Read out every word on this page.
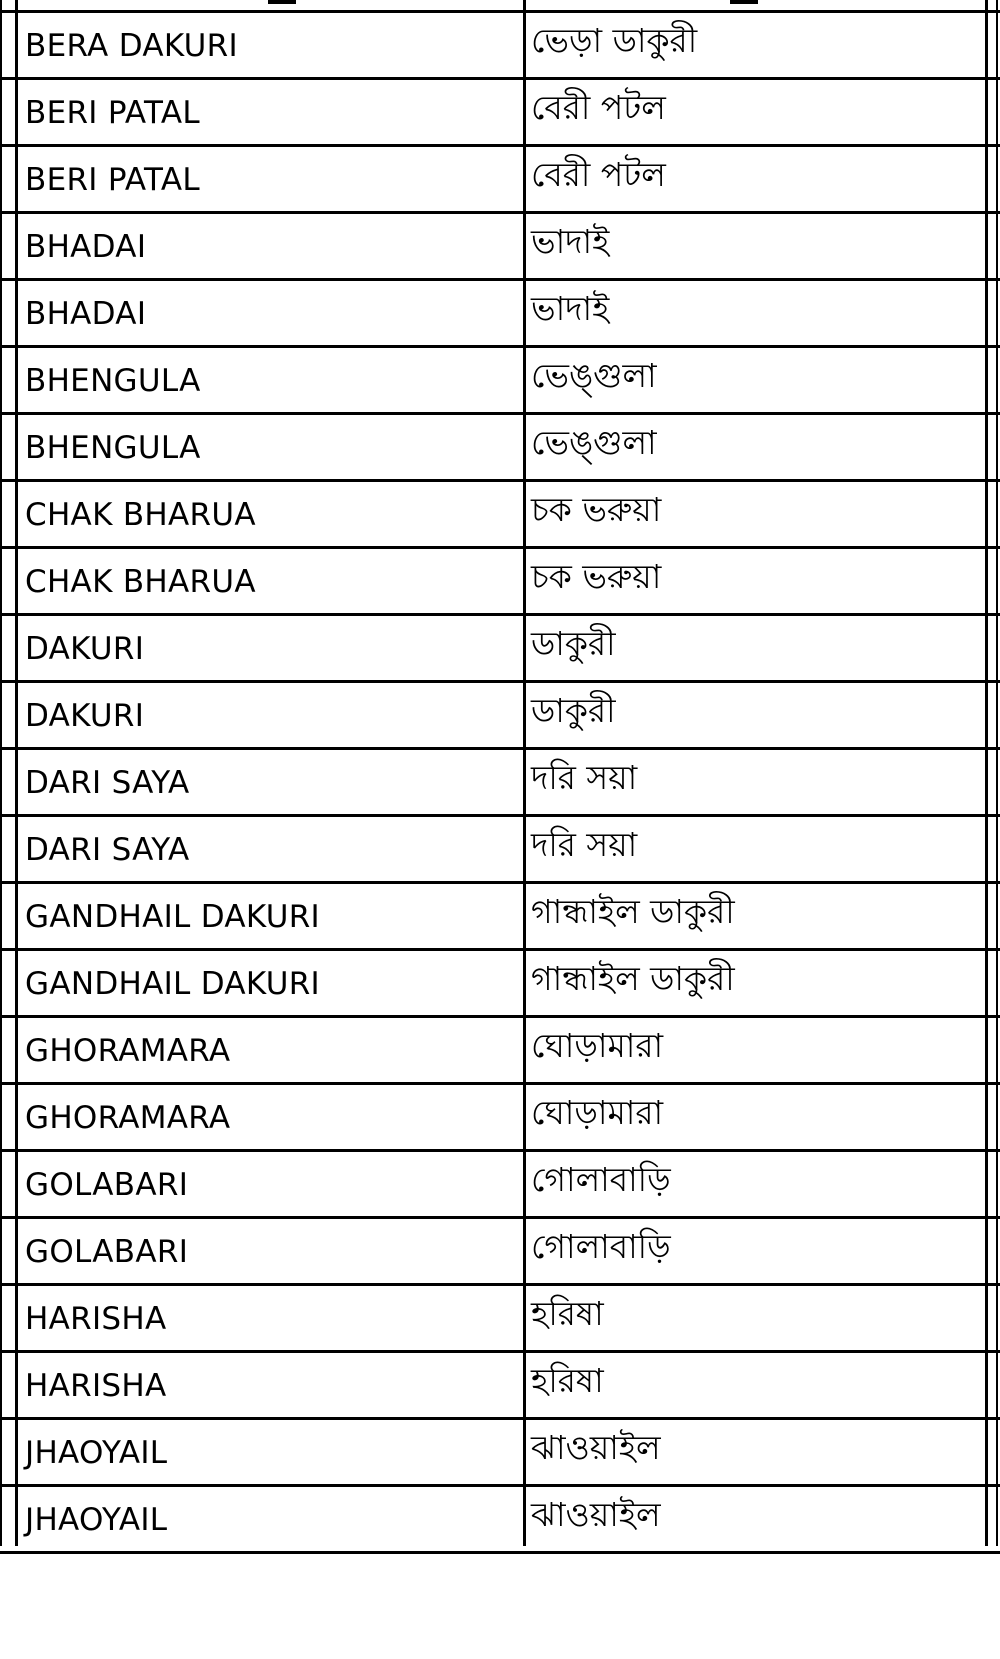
BERA DAKURI	ভেড়া ডাকুরী
BERI PATAL	বেরী পটল
BERI PATAL	বেরী পটল
BHADAI	ভাদাই
BHADAI	ভাদাই
BHENGULA	ভেঙ্গুলা
BHENGULA	ভেঙ্গুলা
CHAK BHARUA	চক ভরুয়া
CHAK BHARUA	চক ভরুয়া
DAKURI	ডাকুরী
DAKURI	ডাকুরী
DARI SAYA	দরি সয়া
DARI SAYA	দরি সয়া
GANDHAIL DAKURI	গান্ধাইল ডাকুরী
GANDHAIL DAKURI	গান্ধাইল ডাকুরী
GHORAMARA	ঘোড়ামারা
GHORAMARA	ঘোড়ামারা
GOLABARI	গোলাবাড়ি
GOLABARI	গোলাবাড়ি
HARISHA	হরিষা
HARISHA	হরিষা
JHAOYAIL	ঝাওয়াইল
JHAOYAIL	ঝাওয়াইল
